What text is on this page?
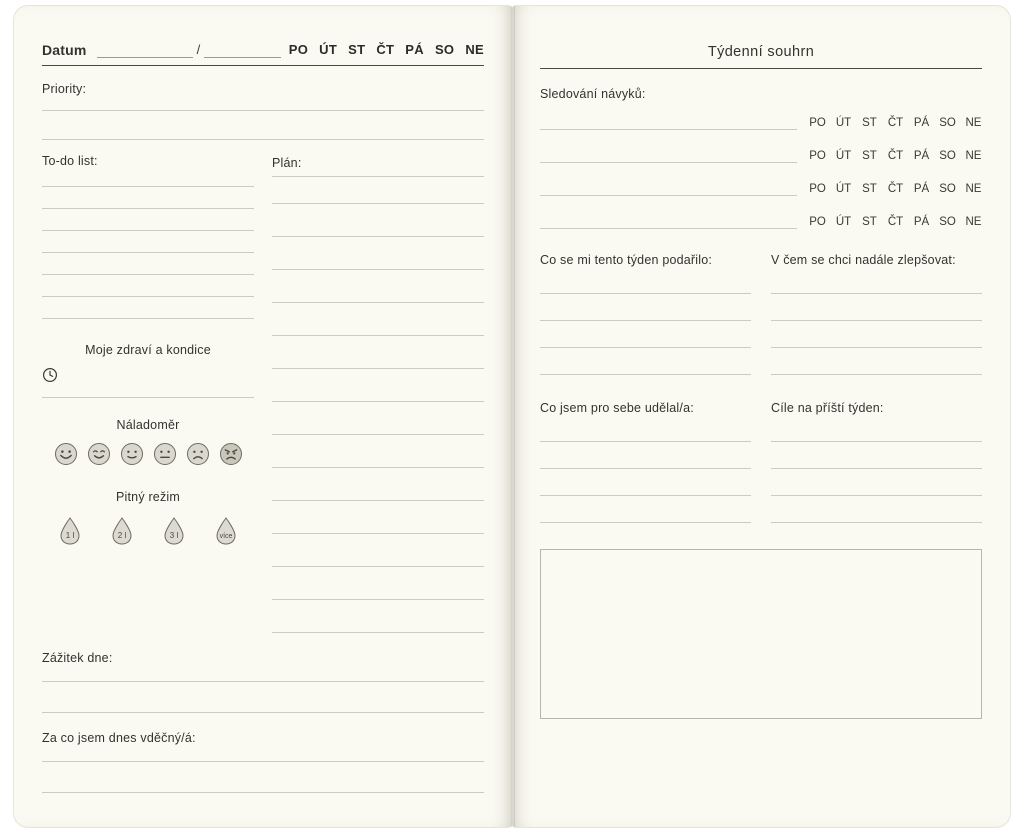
Datum	/	PO ÚT ST ČT PÁ SO NE
Priority:
To-do list:
Moje zdraví a kondice
Náladoměr
Pitný režim
1 l	2 l	3 l	více
Plán:
Zážitek dne:
Za co jsem dnes vděčný/á:
Týdenní souhrn
Sledování návyků:
PO ÚT ST ČT PÁ SO NE
PO ÚT ST ČT PÁ SO NE
PO ÚT ST ČT PÁ SO NE
PO ÚT ST ČT PÁ SO NE
Co se mi tento týden podařilo:	V čem se chci nadále zlepšovat:
Co jsem pro sebe udělal/a:	Cíle na příští týden:
